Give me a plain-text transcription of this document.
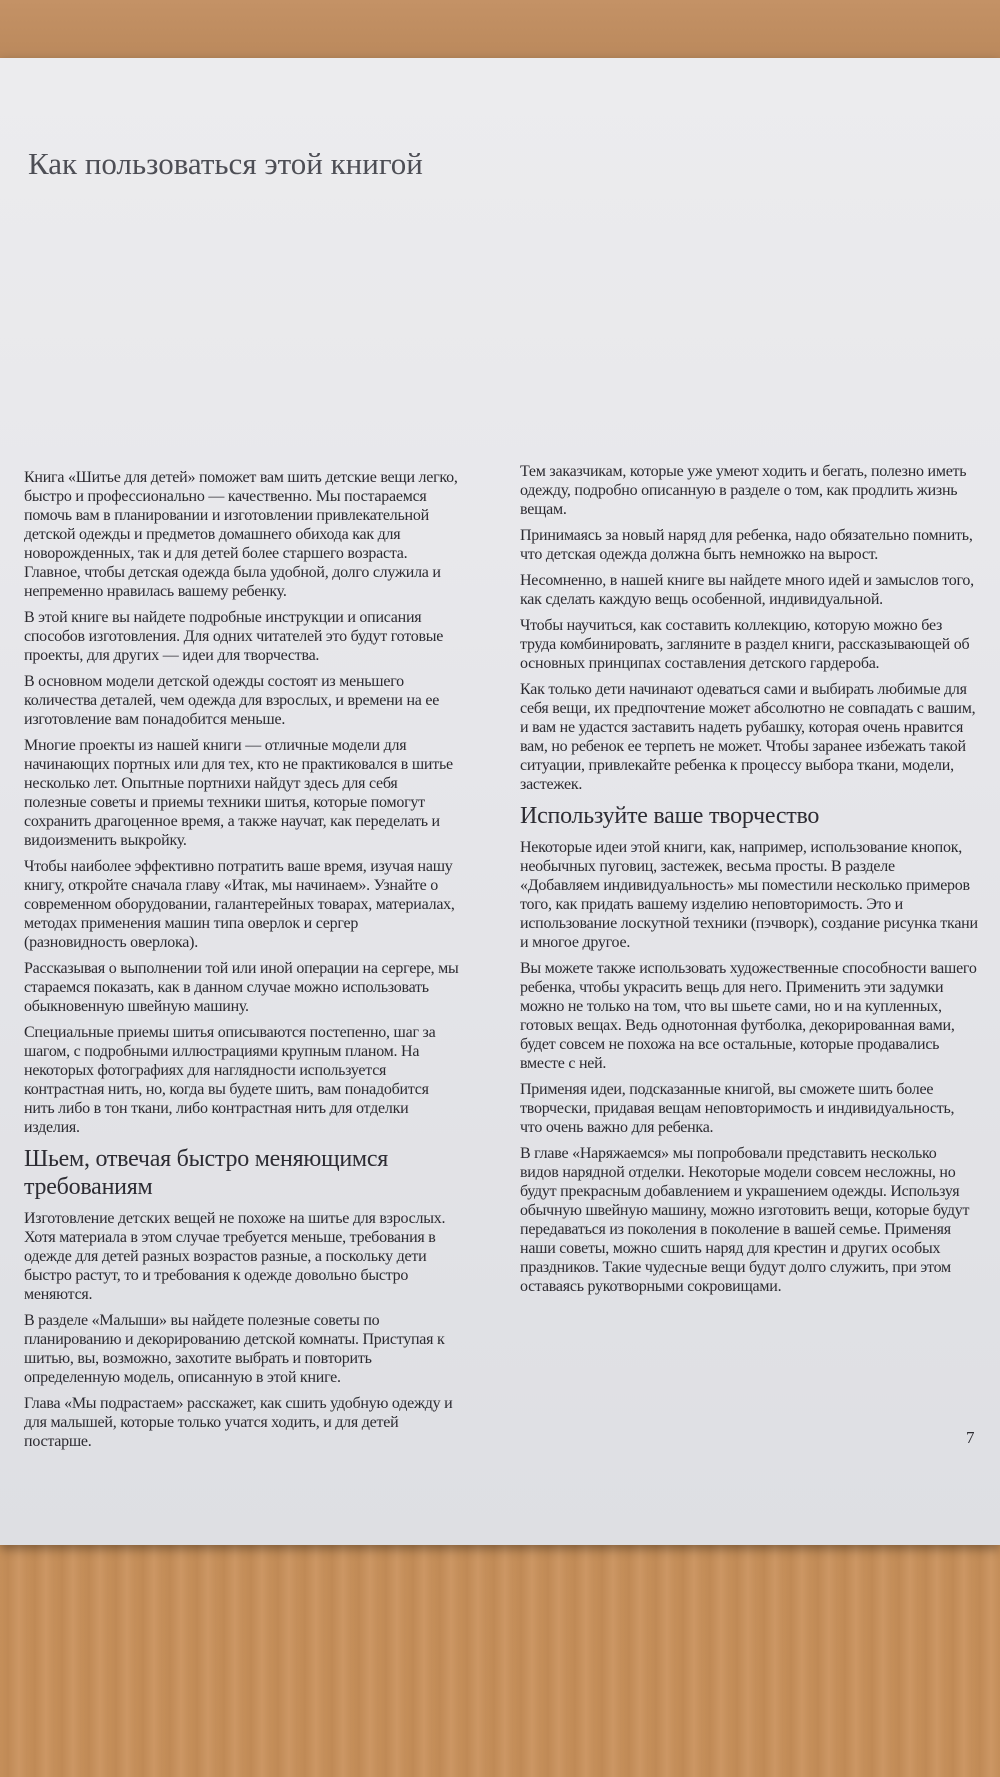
Как пользоваться этой книгой

Книга «Шитье для детей» поможет вам шить детские вещи легко, быстро и профессионально — качественно. Мы постараемся помочь вам в планировании и изготовлении привлекательной детской одежды и предметов домашнего обихода как для новорожденных, так и для детей более старшего возраста. Главное, чтобы детская одежда была удобной, долго служила и непременно нравилась вашему ребенку.

В этой книге вы найдете подробные инструкции и описания способов изготовления. Для одних читателей это будут готовые проекты, для других — идеи для творчества.

В основном модели детской одежды состоят из меньшего количества деталей, чем одежда для взрослых, и времени на ее изготовление вам понадобится меньше.

Многие проекты из нашей книги — отличные модели для начинающих портных или для тех, кто не практиковался в шитье несколько лет. Опытные портнихи найдут здесь для себя полезные советы и приемы техники шитья, которые помогут сохранить драгоценное время, а также научат, как переделать и видоизменить выкройку.

Чтобы наиболее эффективно потратить ваше время, изучая нашу книгу, откройте сначала главу «Итак, мы начинаем». Узнайте о современном оборудовании, галантерейных товарах, материалах, методах применения машин типа оверлок и сергер (разновидность оверлока).

Рассказывая о выполнении той или иной операции на сергере, мы стараемся показать, как в данном случае можно использовать обыкновенную швейную машину.

Специальные приемы шитья описываются постепенно, шаг за шагом, с подробными иллюстрациями крупным планом. На некоторых фотографиях для наглядности используется контрастная нить, но, когда вы будете шить, вам понадобится нить либо в тон ткани, либо контрастная нить для отделки изделия.

Шьем, отвечая быстро меняющимся требованиям

Изготовление детских вещей не похоже на шитье для взрослых. Хотя материала в этом случае требуется меньше, требования в одежде для детей разных возрастов разные, а поскольку дети быстро растут, то и требования к одежде довольно быстро меняются.

В разделе «Малыши» вы найдете полезные советы по планированию и декорированию детской комнаты. Приступая к шитью, вы, возможно, захотите выбрать и повторить определенную модель, описанную в этой книге.

Глава «Мы подрастаем» расскажет, как сшить удобную одежду и для малышей, которые только учатся ходить, и для детей постарше.

Тем заказчикам, которые уже умеют ходить и бегать, полезно иметь одежду, подробно описанную в разделе о том, как продлить жизнь вещам.

Принимаясь за новый наряд для ребенка, надо обязательно помнить, что детская одежда должна быть немножко на вырост.

Несомненно, в нашей книге вы найдете много идей и замыслов того, как сделать каждую вещь особенной, индивидуальной.

Чтобы научиться, как составить коллекцию, которую можно без труда комбинировать, загляните в раздел книги, рассказывающей об основных принципах составления детского гардероба.

Как только дети начинают одеваться сами и выбирать любимые для себя вещи, их предпочтение может абсолютно не совпадать с вашим, и вам не удастся заставить надеть рубашку, которая очень нравится вам, но ребенок ее терпеть не может. Чтобы заранее избежать такой ситуации, привлекайте ребенка к процессу выбора ткани, модели, застежек.

Используйте ваше творчество

Некоторые идеи этой книги, как, например, использование кнопок, необычных пуговиц, застежек, весьма просты. В разделе «Добавляем индивидуальность» мы поместили несколько примеров того, как придать вашему изделию неповторимость. Это и использование лоскутной техники (пэчворк), создание рисунка ткани и многое другое.

Вы можете также использовать художественные способности вашего ребенка, чтобы украсить вещь для него. Применить эти задумки можно не только на том, что вы шьете сами, но и на купленных, готовых вещах. Ведь однотонная футболка, декорированная вами, будет совсем не похожа на все остальные, которые продавались вместе с ней.

Применяя идеи, подсказанные книгой, вы сможете шить более творчески, придавая вещам неповторимость и индивидуальность, что очень важно для ребенка.

В главе «Наряжаемся» мы попробовали представить несколько видов нарядной отделки. Некоторые модели совсем несложны, но будут прекрасным добавлением и украшением одежды. Используя обычную швейную машину, можно изготовить вещи, которые будут передаваться из поколения в поколение в вашей семье. Применяя наши советы, можно сшить наряд для крестин и других особых праздников. Такие чудесные вещи будут долго служить, при этом оставаясь рукотворными сокровищами.

7
